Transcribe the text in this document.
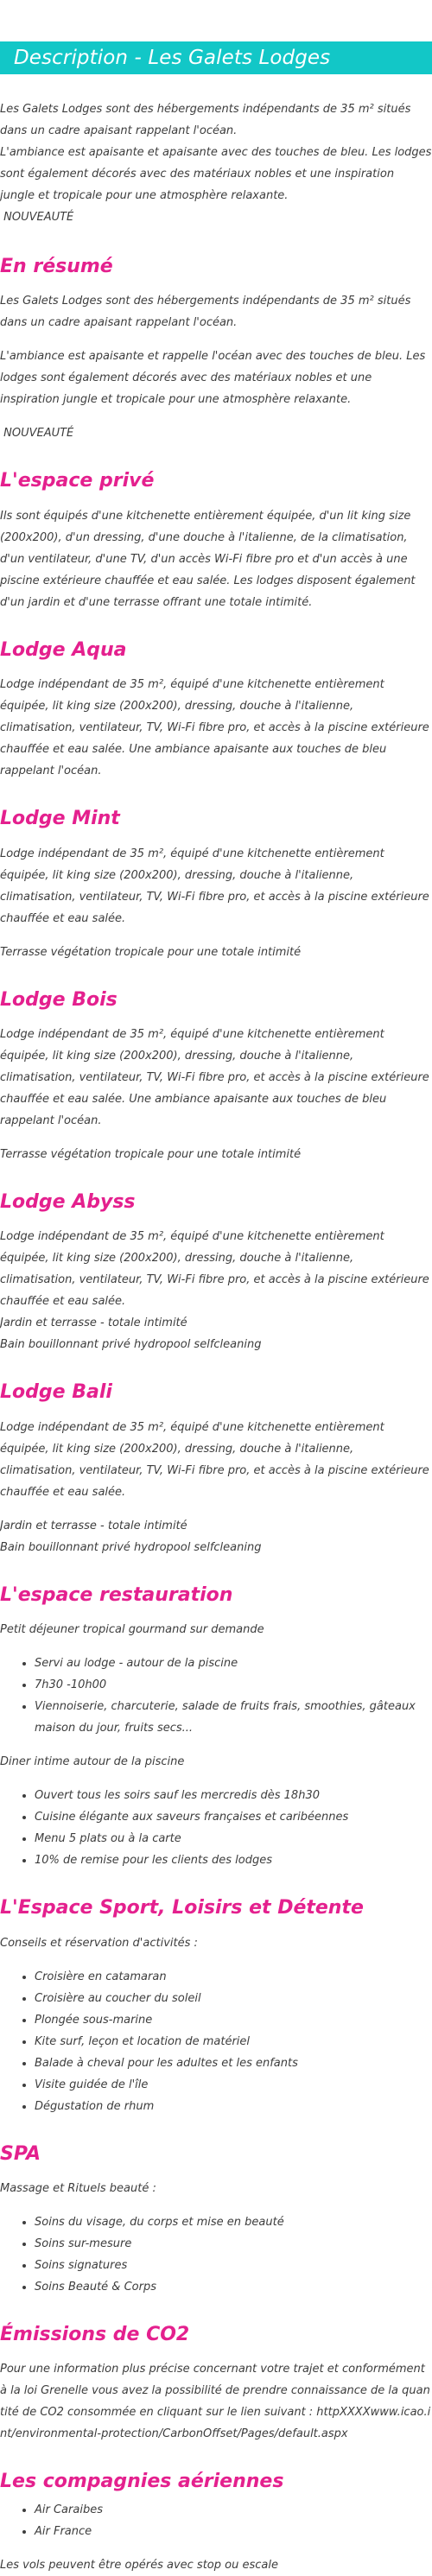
Description - Les Galets Lodges

Les Galets Lodges sont des hébergements indépendants de 35 m² situés dans un cadre apaisant rappelant l'océan.

L'ambiance est apaisante et apaisante avec des touches de bleu. Les lodges sont également décorés avec des matériaux nobles et une inspiration jungle et tropicale pour une atmosphère relaxante.

NOUVEAUTÉ

En résumé

Les Galets Lodges sont des hébergements indépendants de 35 m² situés dans un cadre apaisant rappelant l'océan.

L'ambiance est apaisante et rappelle l'océan avec des touches de bleu. Les lodges sont également décorés avec des matériaux nobles et une inspiration jungle et tropicale pour une atmosphère relaxante.

NOUVEAUTÉ

L'espace privé

Ils sont équipés d'une kitchenette entièrement équipée, d'un lit king size (200x200), d'un dressing, d'une douche à l'italienne, de la climatisation, d'un ventilateur, d'une TV, d'un accès Wi-Fi fibre pro et d'un accès à une piscine extérieure chauffée et eau salée. Les lodges disposent également d'un jardin et d'une terrasse offrant une totale intimité.

Lodge Aqua

Lodge indépendant de 35 m², équipé d'une kitchenette entièrement équipée, lit king size (200x200), dressing, douche à l'italienne, climatisation, ventilateur, TV, Wi-Fi fibre pro, et accès à la piscine extérieure chauffée et eau salée. Une ambiance apaisante aux touches de bleu rappelant l'océan.

Lodge Mint

Lodge indépendant de 35 m², équipé d'une kitchenette entièrement équipée, lit king size (200x200), dressing, douche à l'italienne, climatisation, ventilateur, TV, Wi-Fi fibre pro, et accès à la piscine extérieure chauffée et eau salée.

Terrasse végétation tropicale pour une totale intimité

Lodge Bois

Lodge indépendant de 35 m², équipé d'une kitchenette entièrement équipée, lit king size (200x200), dressing, douche à l'italienne, climatisation, ventilateur, TV, Wi-Fi fibre pro, et accès à la piscine extérieure chauffée et eau salée. Une ambiance apaisante aux touches de bleu rappelant l'océan.

Terrasse végétation tropicale pour une totale intimité

Lodge Abyss

Lodge indépendant de 35 m², équipé d'une kitchenette entièrement équipée, lit king size (200x200), dressing, douche à l'italienne, climatisation, ventilateur, TV, Wi-Fi fibre pro, et accès à la piscine extérieure chauffée et eau salée.

Jardin et terrasse - totale intimité

Bain bouillonnant privé hydropool selfcleaning

Lodge Bali

Lodge indépendant de 35 m², équipé d'une kitchenette entièrement équipée, lit king size (200x200), dressing, douche à l'italienne, climatisation, ventilateur, TV, Wi-Fi fibre pro, et accès à la piscine extérieure chauffée et eau salée.

Jardin et terrasse - totale intimité

Bain bouillonnant privé hydropool selfcleaning

L'espace restauration

Petit déjeuner tropical gourmand sur demande

• Servi au lodge - autour de la piscine
• 7h30 -10h00
• Viennoiserie, charcuterie, salade de fruits frais, smoothies, gâteaux maison du jour, fruits secs...

Diner intime autour de la piscine

• Ouvert tous les soirs sauf les mercredis dès 18h30
• Cuisine élégante aux saveurs françaises et caribéennes
• Menu 5 plats ou à la carte
• 10% de remise pour les clients des lodges
L'Espace Sport, Loisirs et Détente

Conseils et réservation d'activités :

• Croisière en catamaran
• Croisière au coucher du soleil
• Plongée sous-marine
• Kite surf, leçon et location de matériel
• Balade à cheval pour les adultes et les enfants
• Visite guidée de l'île
• Dégustation de rhum
SPA

Massage et Rituels beauté :

• Soins du visage, du corps et mise en beauté
• Soins sur-mesure
• Soins signatures
• Soins Beauté & Corps
Émissions de CO2

Pour une information plus précise concernant votre trajet et conformément à la loi Grenelle vous avez la possibilité de prendre connaissance de la quantité de CO2 consommée en cliquant sur le lien suivant : httpXXXXwww.icao.int/environmental-protection/CarbonOffset/Pages/default.aspx

Les compagnies aériennes
• Air Caraibes
• Air France

Les vols peuvent être opérés avec stop ou escale
